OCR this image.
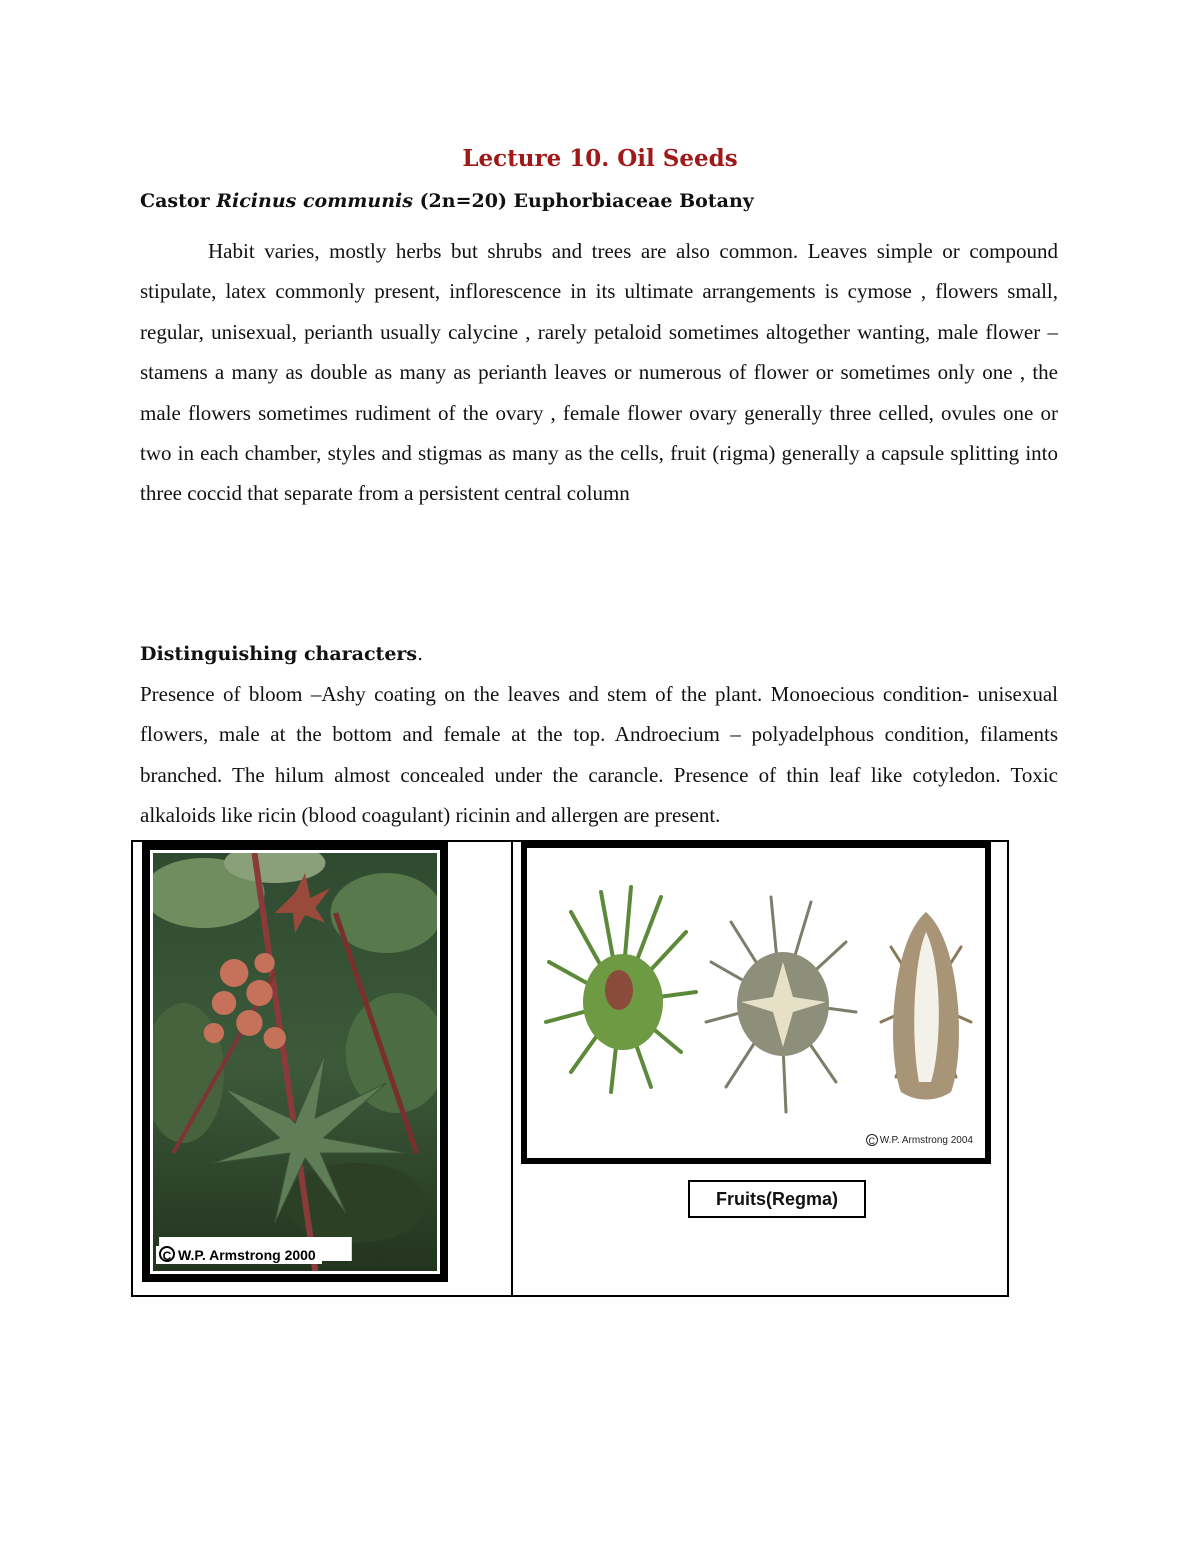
Lecture 10. Oil Seeds

Castor Ricinus communis (2n=20) Euphorbiaceae Botany

Habit varies, mostly herbs but shrubs and trees are also common. Leaves simple or compound stipulate, latex commonly present, inflorescence in its ultimate arrangements is cymose , flowers small, regular, unisexual, perianth usually calycine , rarely petaloid sometimes altogether wanting, male flower –stamens a many as double as many as perianth leaves or numerous of flower or sometimes only one , the male flowers sometimes rudiment of the ovary , female flower ovary generally three celled, ovules one or two in each chamber, styles and stigmas as many as the cells, fruit (rigma) generally a capsule splitting into three coccid that separate from a persistent central column

Distinguishing characters.

Presence of bloom –Ashy coating on the leaves and stem of the plant. Monoecious condition- unisexual flowers, male at the bottom and female at the top. Androecium – polyadelphous condition, filaments branched. The hilum almost concealed under the carancle. Presence of thin leaf like cotyledon. Toxic alkaloids like ricin (blood coagulant) ricinin and allergen are present.

C W.P. Armstrong 2000
C W.P. Armstrong 2004
Fruits(Regma)
